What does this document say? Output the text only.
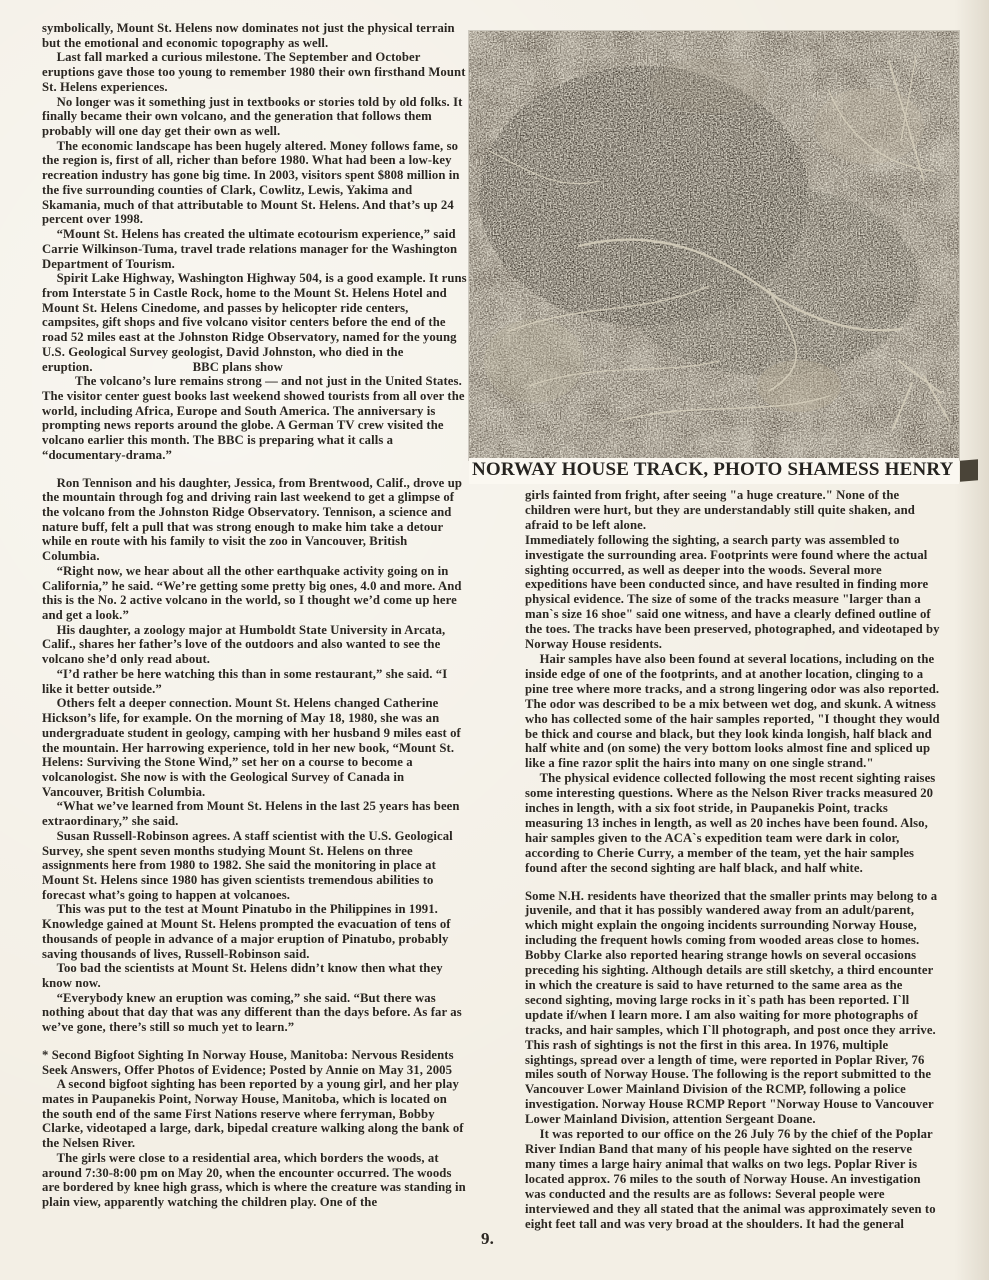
symbolically, Mount St. Helens now dominates not just the physical terrain but the emotional and economic topography as well.

Last fall marked a curious milestone. The September and October eruptions gave those too young to remember 1980 their own firsthand Mount St. Helens experiences.

No longer was it something just in textbooks or stories told by old folks. It finally became their own volcano, and the generation that follows them probably will one day get their own as well.

The economic landscape has been hugely altered. Money follows fame, so the region is, first of all, richer than before 1980. What had been a low-key recreation industry has gone big time. In 2003, visitors spent $808 million in the five surrounding counties of Clark, Cowlitz, Lewis, Yakima and Skamania, much of that attributable to Mount St. Helens. And that’s up 24 percent over 1998.

“Mount St. Helens has created the ultimate ecotourism experience,” said Carrie Wilkinson-Tuma, travel trade relations manager for the Washington Department of Tourism.

Spirit Lake Highway, Washington Highway 504, is a good example. It runs from Interstate 5 in Castle Rock, home to the Mount St. Helens Hotel and Mount St. Helens Cinedome, and passes by helicopter ride centers, campsites, gift shops and five volcano visitor centers before the end of the road 52 miles east at the Johnston Ridge Observatory, named for the young U.S. Geological Survey geologist, David Johnston, who died in the eruption.	BBC plans show

The volcano’s lure remains strong — and not just in the United States. The visitor center guest books last weekend showed tourists from all over the world, including Africa, Europe and South America. The anniversary is prompting news reports around the globe. A German TV crew visited the volcano earlier this month. The BBC is preparing what it calls a “documentary-drama.”

Ron Tennison and his daughter, Jessica, from Brentwood, Calif., drove up the mountain through fog and driving rain last weekend to get a glimpse of the volcano from the Johnston Ridge Observatory. Tennison, a science and nature buff, felt a pull that was strong enough to make him take a detour while en route with his family to visit the zoo in Vancouver, British Columbia.

“Right now, we hear about all the other earthquake activity going on in California,” he said. “We’re getting some pretty big ones, 4.0 and more. And this is the No. 2 active volcano in the world, so I thought we’d come up here and get a look.”

His daughter, a zoology major at Humboldt State University in Arcata, Calif., shares her father’s love of the outdoors and also wanted to see the volcano she’d only read about.

“I’d rather be here watching this than in some restaurant,” she said. “I like it better outside.”

Others felt a deeper connection. Mount St. Helens changed Catherine Hickson’s life, for example. On the morning of May 18, 1980, she was an undergraduate student in geology, camping with her husband 9 miles east of the mountain. Her harrowing experience, told in her new book, “Mount St. Helens: Surviving the Stone Wind,” set her on a course to become a volcanologist. She now is with the Geological Survey of Canada in Vancouver, British Columbia.

“What we’ve learned from Mount St. Helens in the last 25 years has been extraordinary,” she said.

Susan Russell-Robinson agrees. A staff scientist with the U.S. Geological Survey, she spent seven months studying Mount St. Helens on three assignments here from 1980 to 1982. She said the monitoring in place at Mount St. Helens since 1980 has given scientists tremendous abilities to forecast what’s going to happen at volcanoes.

This was put to the test at Mount Pinatubo in the Philippines in 1991. Knowledge gained at Mount St. Helens prompted the evacuation of tens of thousands of people in advance of a major eruption of Pinatubo, probably saving thousands of lives, Russell-Robinson said.

Too bad the scientists at Mount St. Helens didn’t know then what they know now.

“Everybody knew an eruption was coming,” she said. “But there was nothing about that day that was any different than the days before. As far as we’ve gone, there’s still so much yet to learn.”

* Second Bigfoot Sighting In Norway House, Manitoba: Nervous Residents Seek Answers, Offer Photos of Evidence; Posted by Annie on May 31, 2005

A second bigfoot sighting has been reported by a young girl, and her play mates in Paupanekis Point, Norway House, Manitoba, which is located on the south end of the same First Nations reserve where ferryman, Bobby Clarke, videotaped a large, dark, bipedal creature walking along the bank of the Nelsen River.

The girls were close to a residential area, which borders the woods, at around 7:30-8:00 pm on May 20, when the encounter occurred. The woods are bordered by knee high grass, which is where the creature was standing in plain view, apparently watching the children play. One of the

NORWAY HOUSE TRACK, PHOTO SHAMESS HENRY

girls fainted from fright, after seeing "a huge creature." None of the children were hurt, but they are understandably still quite shaken, and afraid to be left alone.

Immediately following the sighting, a search party was assembled to investigate the surrounding area. Footprints were found where the actual sighting occurred, as well as deeper into the woods. Several more expeditions have been conducted since, and have resulted in finding more physical evidence. The size of some of the tracks measure "larger than a man`s size 16 shoe" said one witness, and have a clearly defined outline of the toes. The tracks have been preserved, photographed, and videotaped by Norway House residents.

Hair samples have also been found at several locations, including on the inside edge of one of the footprints, and at another location, clinging to a pine tree where more tracks, and a strong lingering odor was also reported. The odor was described to be a mix between wet dog, and skunk. A witness who has collected some of the hair samples reported, "I thought they would be thick and course and black, but they look kinda longish, half black and half white and (on some) the very bottom looks almost fine and spliced up like a fine razor split the hairs into many on one single strand."

The physical evidence collected following the most recent sighting raises some interesting questions. Where as the Nelson River tracks measured 20 inches in length, with a six foot stride, in Paupanekis Point, tracks measuring 13 inches in length, as well as 20 inches have been found. Also, hair samples given to the ACA`s expedition team were dark in color, according to Cherie Curry, a member of the team, yet the hair samples found after the second sighting are half black, and half white.

Some N.H. residents have theorized that the smaller prints may belong to a juvenile, and that it has possibly wandered away from an adult/parent, which might explain the ongoing incidents surrounding Norway House, including the frequent howls coming from wooded areas close to homes. Bobby Clarke also reported hearing strange howls on several occasions preceding his sighting. Although details are still sketchy, a third encounter in which the creature is said to have returned to the same area as the second sighting, moving large rocks in it`s path has been reported. I`ll update if/when I learn more. I am also waiting for more photographs of tracks, and hair samples, which I`ll photograph, and post once they arrive. This rash of sightings is not the first in this area. In 1976, multiple sightings, spread over a length of time, were reported in Poplar River, 76 miles south of Norway House. The following is the report submitted to the Vancouver Lower Mainland Division of the RCMP, following a police investigation. Norway House RCMP Report "Norway House to Vancouver Lower Mainland Division, attention Sergeant Doane.

It was reported to our office on the 26 July 76 by the chief of the Poplar River Indian Band that many of his people have sighted on the reserve many times a large hairy animal that walks on two legs. Poplar River is located approx. 76 miles to the south of Norway House. An investigation was conducted and the results are as follows: Several people were interviewed and they all stated that the animal was approximately seven to eight feet tall and was very broad at the shoulders. It had the general

9.
